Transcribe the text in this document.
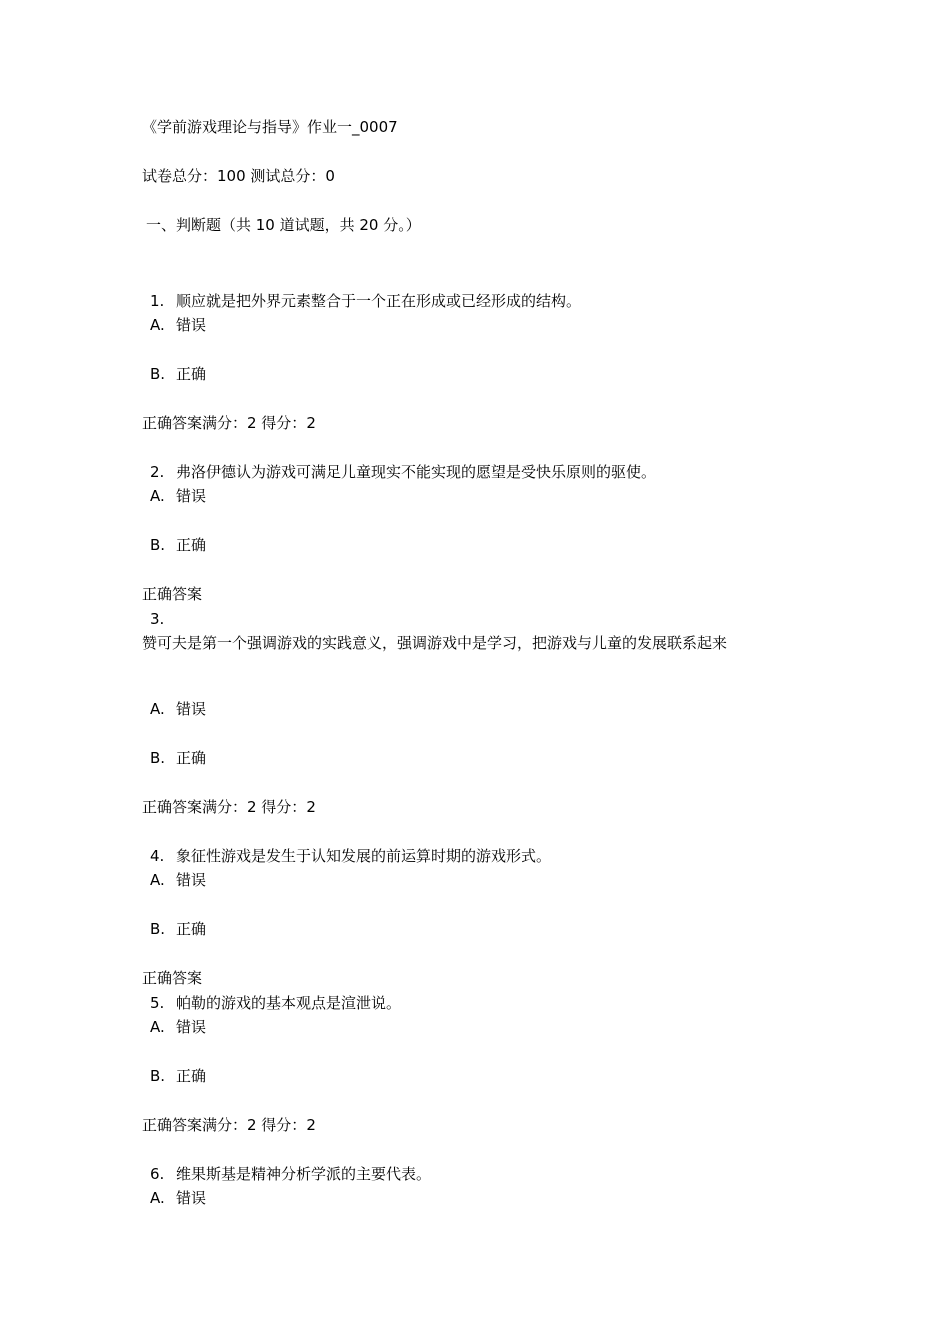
《学前游戏理论与指导》作业一_0007
试卷总分：100 测试总分：0
一、判断题（共 10 道试题，共 20 分。）
1. 顺应就是把外界元素整合于一个正在形成或已经形成的结构。
A. 错误
B. 正确
正确答案满分：2 得分：2
2. 弗洛伊德认为游戏可满足儿童现实不能实现的愿望是受快乐原则的驱使。
A. 错误
B. 正确
正确答案
3.
赞可夫是第一个强调游戏的实践意义，强调游戏中是学习，把游戏与儿童的发展联系起来
A. 错误
B. 正确
正确答案满分：2 得分：2
4. 象征性游戏是发生于认知发展的前运算时期的游戏形式。
A. 错误
B. 正确
正确答案
5. 帕勒的游戏的基本观点是渲泄说。
A. 错误
B. 正确
正确答案满分：2 得分：2
6. 维果斯基是精神分析学派的主要代表。
A. 错误
